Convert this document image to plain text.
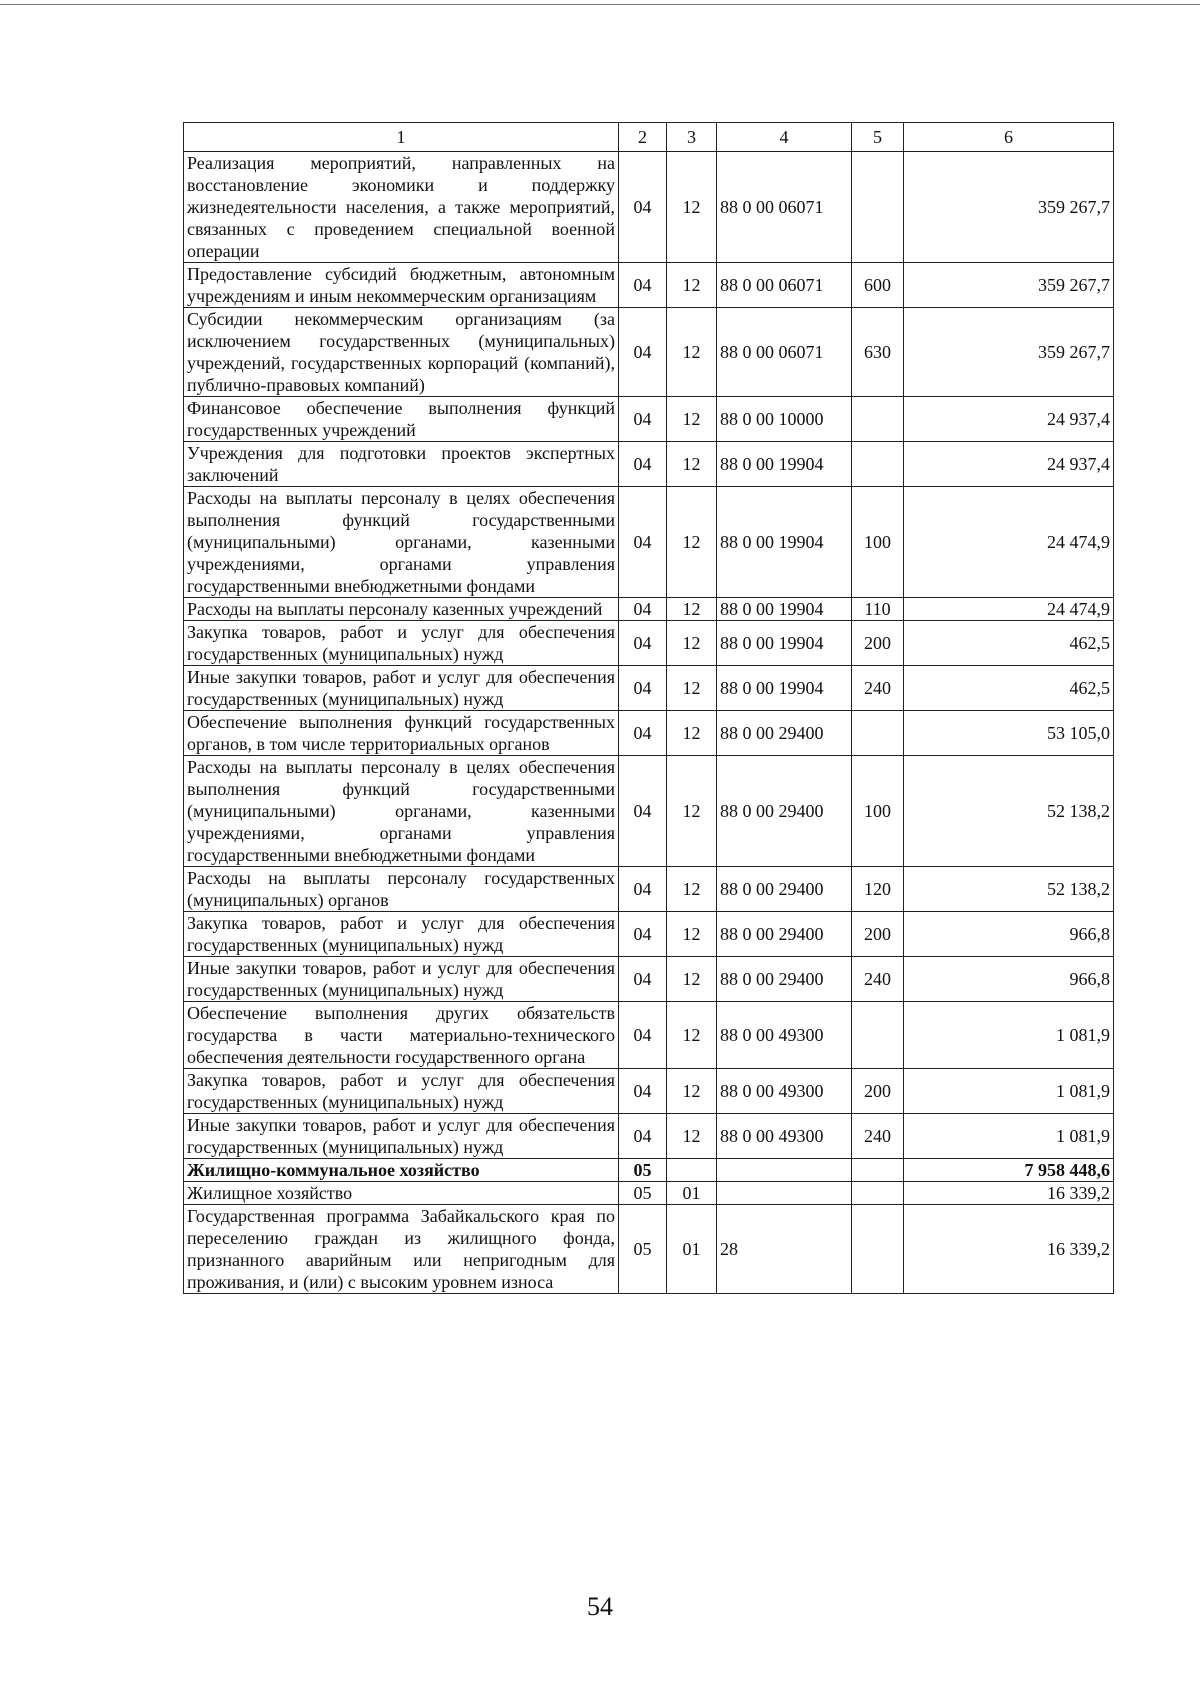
1	2	3	4	5	6
Реализация мероприятий, направленных на восстановление экономики и поддержку жизнедеятельности населения, а также мероприятий, связанных с проведением специальной военной операции	04	12	88 0 00 06071		359 267,7
Предоставление субсидий бюджетным, автономным учреждениям и иным некоммерческим организациям	04	12	88 0 00 06071	600	359 267,7
Субсидии некоммерческим организациям (за исключением государственных (муниципальных) учреждений, государственных корпораций (компаний), публично-правовых компаний)	04	12	88 0 00 06071	630	359 267,7
Финансовое обеспечение выполнения функций государственных учреждений	04	12	88 0 00 10000		24 937,4
Учреждения для подготовки проектов экспертных заключений	04	12	88 0 00 19904		24 937,4
Расходы на выплаты персоналу в целях обеспечения выполнения функций государственными (муниципальными) органами, казенными учреждениями, органами управления государственными внебюджетными фондами	04	12	88 0 00 19904	100	24 474,9
Расходы на выплаты персоналу казенных учреждений	04	12	88 0 00 19904	110	24 474,9
Закупка товаров, работ и услуг для обеспечения государственных (муниципальных) нужд	04	12	88 0 00 19904	200	462,5
Иные закупки товаров, работ и услуг для обеспечения государственных (муниципальных) нужд	04	12	88 0 00 19904	240	462,5
Обеспечение выполнения функций государственных органов, в том числе территориальных органов	04	12	88 0 00 29400		53 105,0
Расходы на выплаты персоналу в целях обеспечения выполнения функций государственными (муниципальными) органами, казенными учреждениями, органами управления государственными внебюджетными фондами	04	12	88 0 00 29400	100	52 138,2
Расходы на выплаты персоналу государственных (муниципальных) органов	04	12	88 0 00 29400	120	52 138,2
Закупка товаров, работ и услуг для обеспечения государственных (муниципальных) нужд	04	12	88 0 00 29400	200	966,8
Иные закупки товаров, работ и услуг для обеспечения государственных (муниципальных) нужд	04	12	88 0 00 29400	240	966,8
Обеспечение выполнения других обязательств государства в части материально-технического обеспечения деятельности государственного органа	04	12	88 0 00 49300		1 081,9
Закупка товаров, работ и услуг для обеспечения государственных (муниципальных) нужд	04	12	88 0 00 49300	200	1 081,9
Иные закупки товаров, работ и услуг для обеспечения государственных (муниципальных) нужд	04	12	88 0 00 49300	240	1 081,9
Жилищно-коммунальное хозяйство	05				7 958 448,6
Жилищное хозяйство	05	01			16 339,2
Государственная программа Забайкальского края по переселению граждан из жилищного фонда, признанного аварийным или непригодным для проживания, и (или) с высоким уровнем износа	05	01	28		16 339,2
54
